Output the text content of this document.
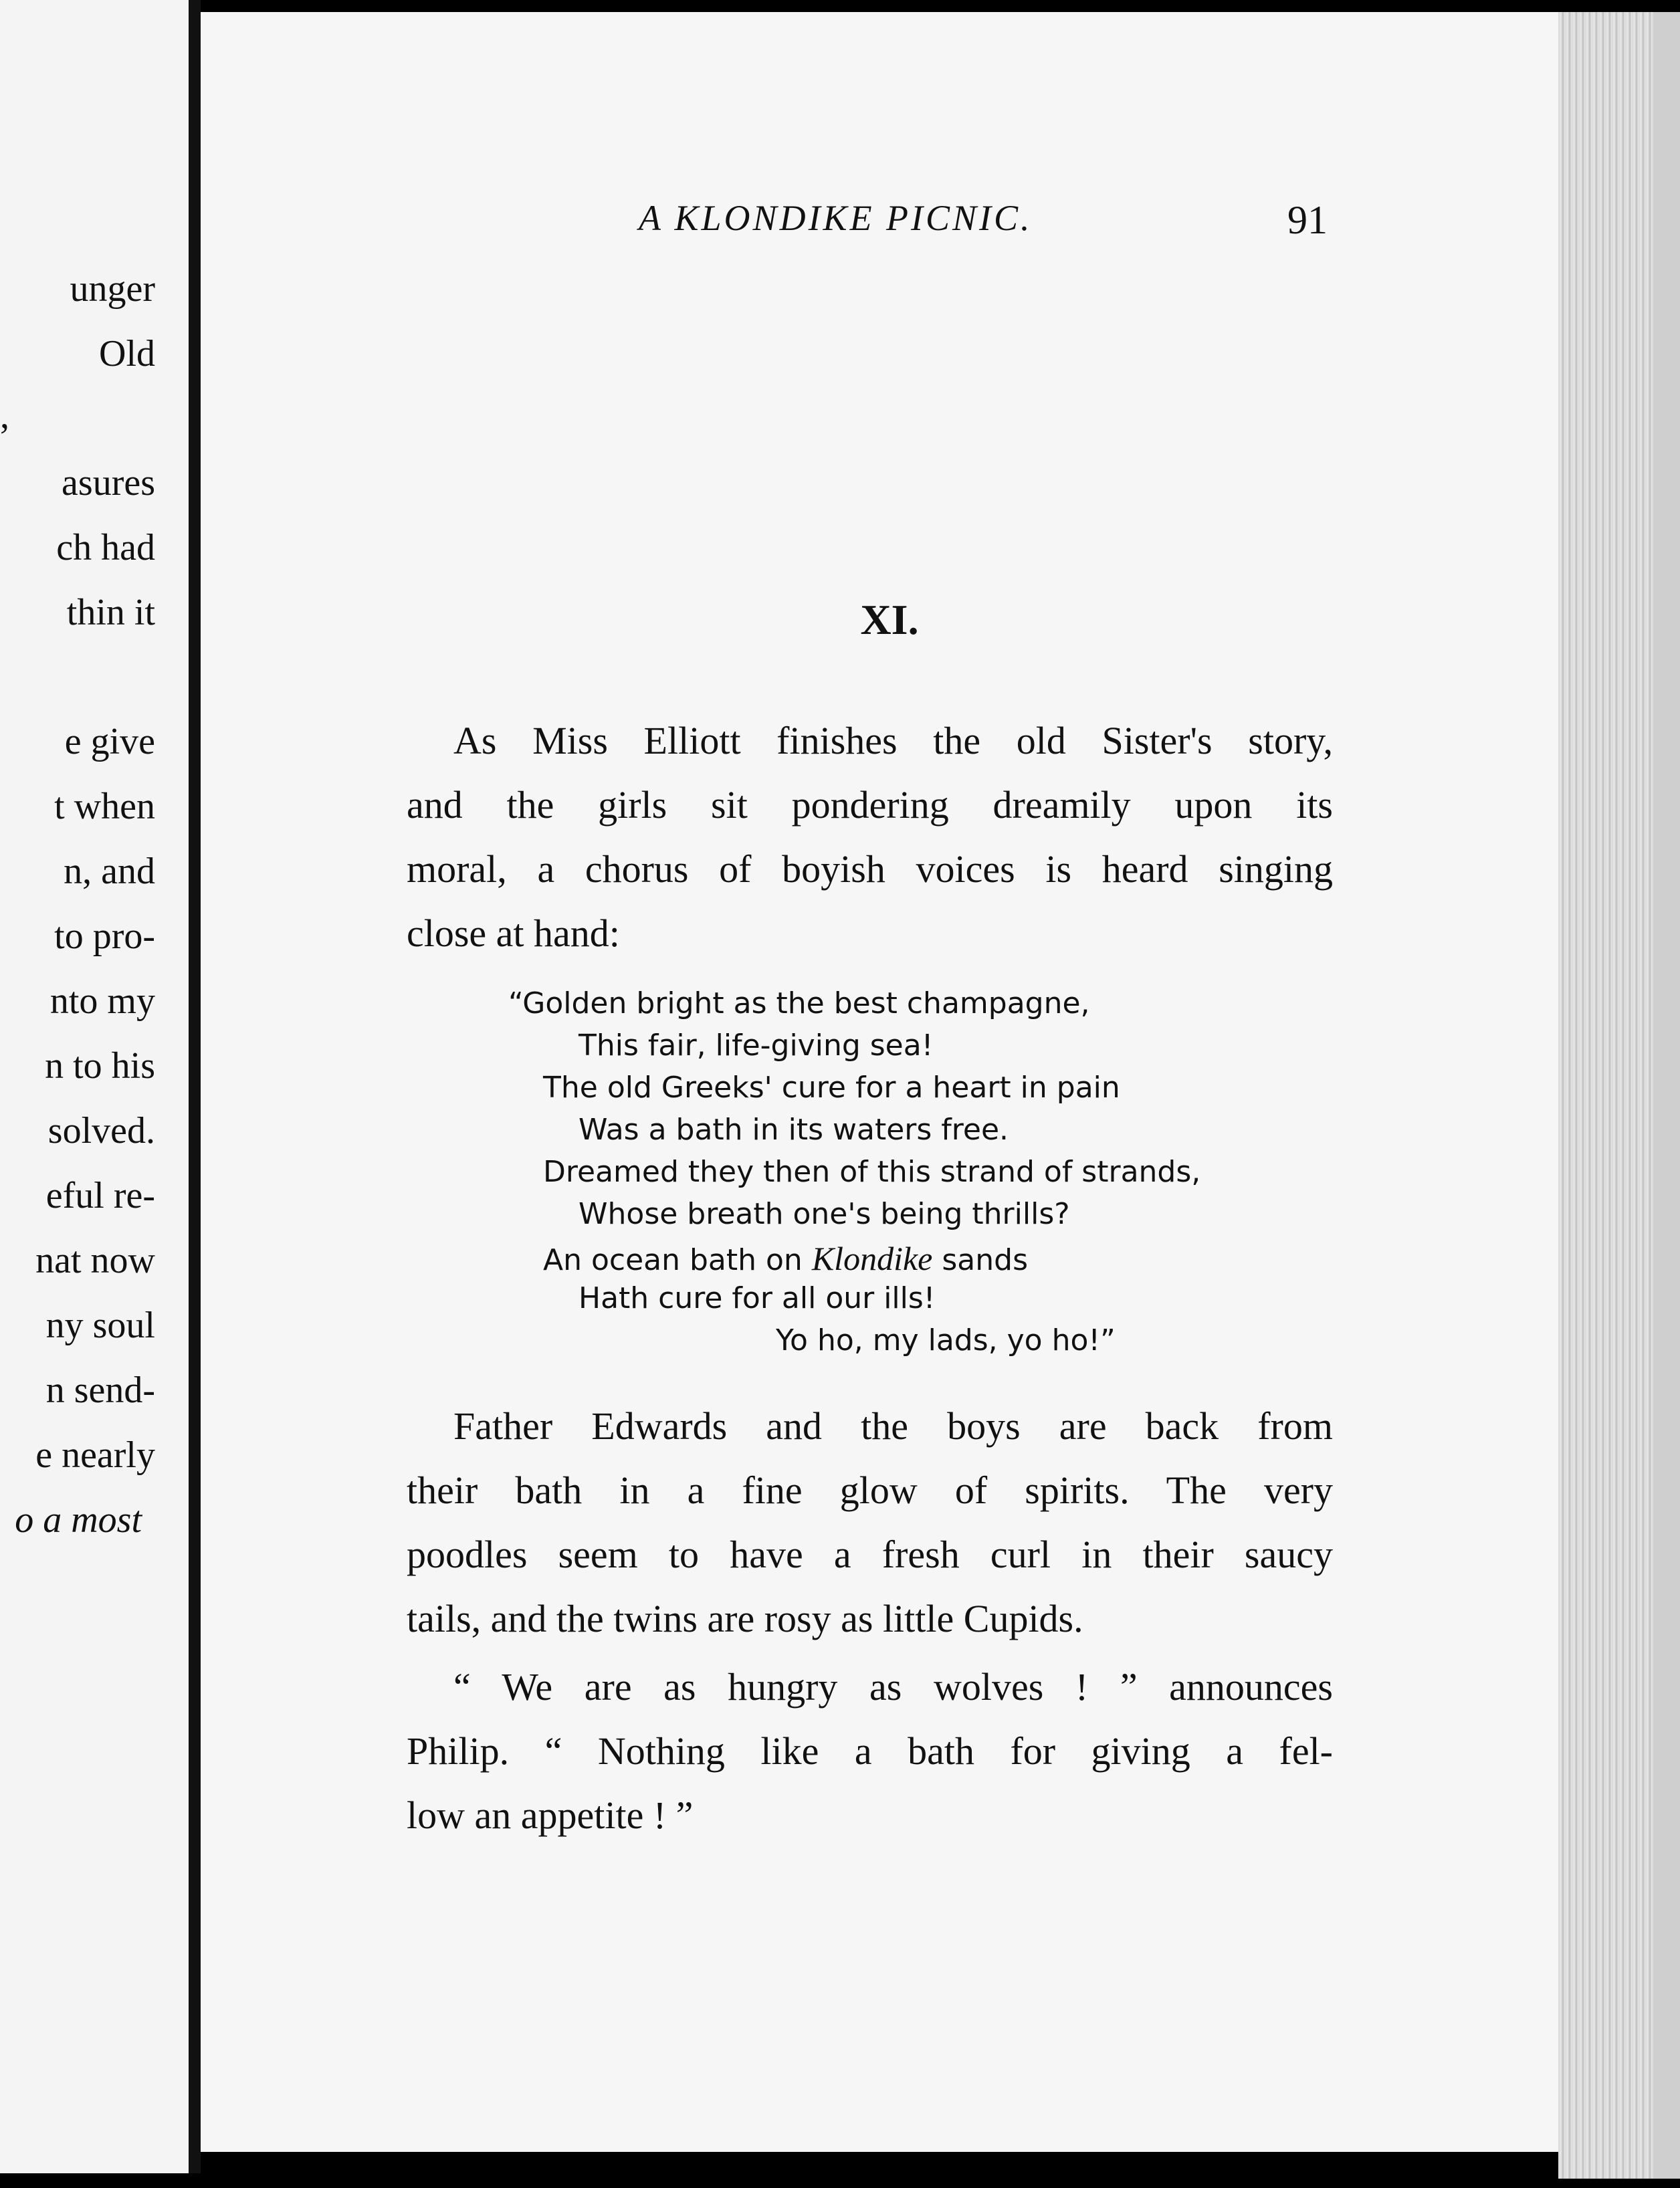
unger
Old
,
asures
ch had
thin it
e give
t when
n, and
to pro-
nto my
n to his
solved.
eful re-
nat now
ny soul
n send-
e nearly
o a most
A KLONDIKE PICNIC.	91
XI.
As Miss Elliott finishes the old Sister's story,
and the girls sit pondering dreamily upon its
moral, a chorus of boyish voices is heard singing
close at hand:
“Golden bright as the best champagne,
This fair, life-giving sea!
The old Greeks' cure for a heart in pain
Was a bath in its waters free.
Dreamed they then of this strand of strands,
Whose breath one's being thrills?
An ocean bath on Klondike sands
Hath cure for all our ills!
Yo ho, my lads, yo ho!”
Father Edwards and the boys are back from
their bath in a fine glow of spirits. The very
poodles seem to have a fresh curl in their saucy
tails, and the twins are rosy as little Cupids.
“ We are as hungry as wolves ! ” announces
Philip. “ Nothing like a bath for giving a fel-
low an appetite ! ”
